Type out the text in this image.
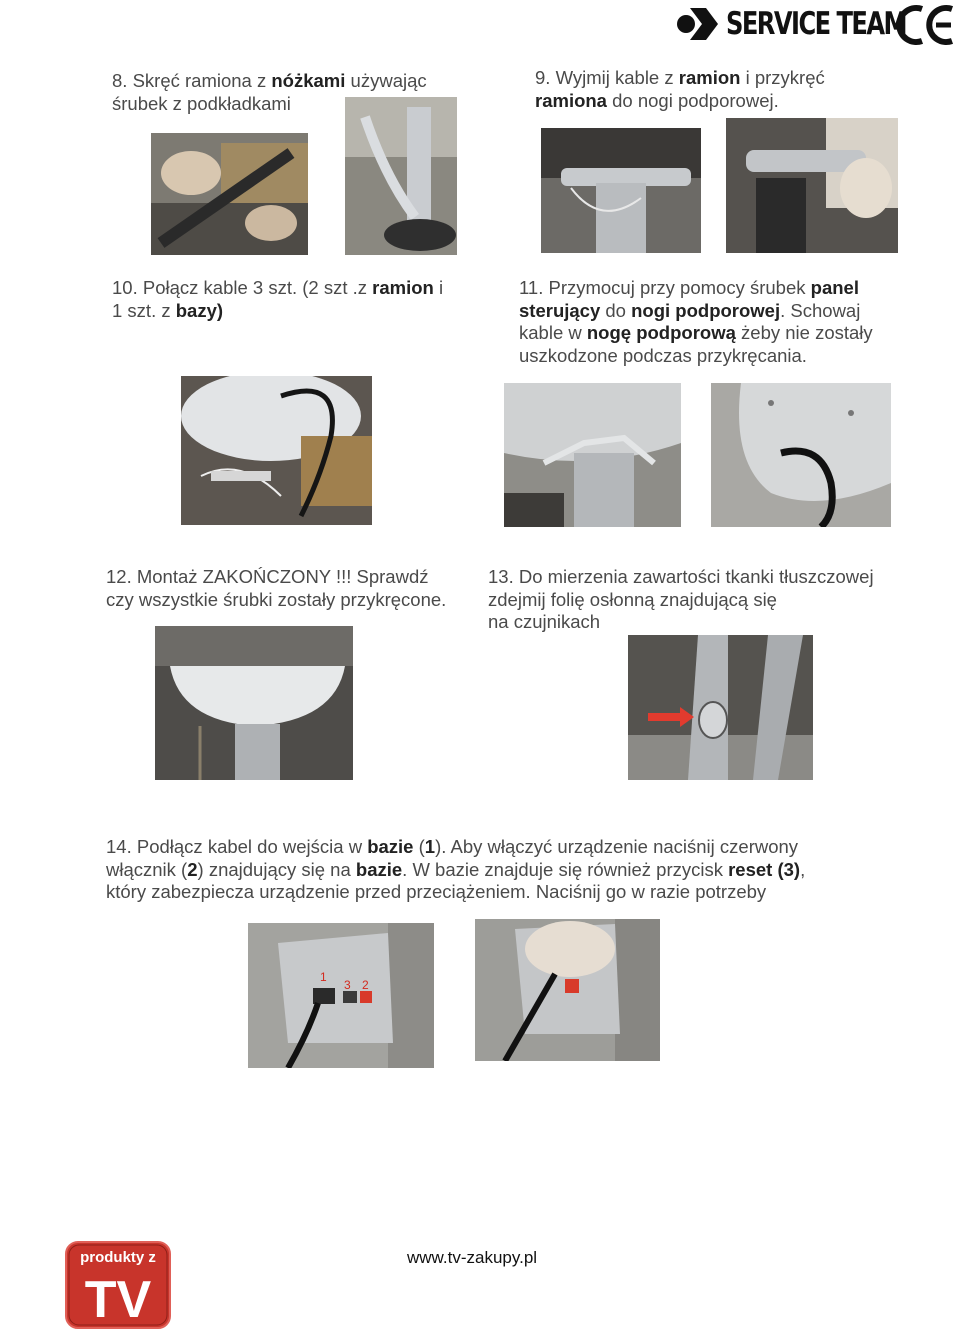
SERVICE TEAM
CE
8. Skręć ramiona z nóżkami używając
śrubek z podkładkami
9. Wyjmij kable z ramion i przykręć
ramiona do nogi podporowej.
10. Połącz kable 3 szt. (2 szt .z ramion i
1 szt. z bazy)
11. Przymocuj przy pomocy śrubek panel
sterujący do nogi podporowej. Schowaj
kable w nogę podporową żeby nie zostały
uszkodzone podczas przykręcania.
12. Montaż ZAKOŃCZONY !!! Sprawdź
czy wszystkie śrubki zostały przykręcone.
13. Do mierzenia zawartości tkanki tłuszczowej
zdejmij folię osłonną znajdującą się
na czujnikach
14. Podłącz kabel do wejścia w bazie (1). Aby włączyć urządzenie naciśnij czerwony
włącznik (2) znajdujący się na bazie. W bazie znajduje się również przycisk reset (3),
który zabezpiecza urządzenie przed przeciążeniem. Naciśnij go w razie potrzeby
1
3 2
produkty z
TV
www.tv-zakupy.pl
